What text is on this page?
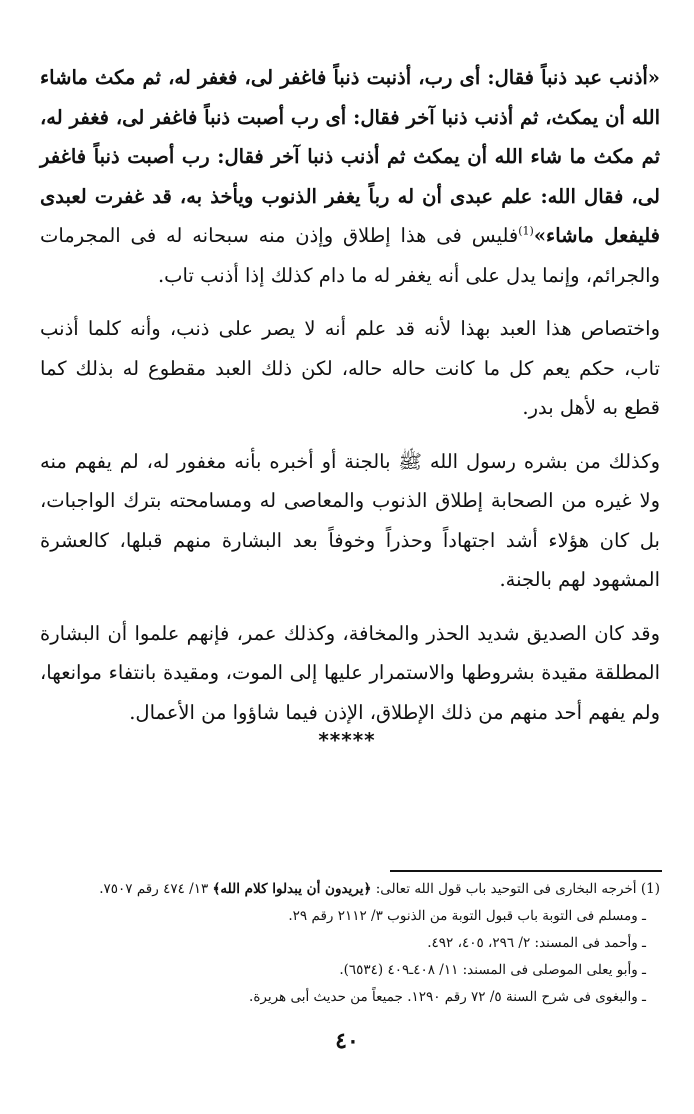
«أذنب عبد ذنباً فقال: أى رب، أذنبت ذنباً فاغفر لى، فغفر له، ثم مكث ماشاء الله أن يمكث، ثم أذنب ذنبا آخر فقال: أى رب أصبت ذنباً فاغفر لى، فغفر له، ثم مكث ما شاء الله أن يمكث ثم أذنب ذنبا آخر فقال: رب أصبت ذنباً فاغفر لى، فقال الله: علم عبدى أن له رباً يغفر الذنوب ويأخذ به، قد غفرت لعبدى فليفعل ماشاء»$^{(1)}$فليس فى هذا إطلاق وإذن منه سبحانه له فى المجرمات والجرائم، وإنما يدل على أنه يغفر له ما دام كذلك إذا أذنب تاب.

واختصاص هذا العبد بهذا لأنه قد علم أنه لا يصر على ذنب، وأنه كلما أذنب تاب، حكم يعم كل ما كانت حاله حاله، لكن ذلك العبد مقطوع له بذلك كما قطع به لأهل بدر.

وكذلك من بشره رسول الله ﷺ بالجنة أو أخبره بأنه مغفور له، لم يفهم منه ولا غيره من الصحابة إطلاق الذنوب والمعاصى له ومسامحته بترك الواجبات، بل كان هؤلاء أشد اجتهاداً وحذراً وخوفاً بعد البشارة منهم قبلها، كالعشرة المشهود لهم بالجنة.

وقد كان الصديق شديد الحذر والمخافة، وكذلك عمر، فإنهم علموا أن البشارة المطلقة مقيدة بشروطها والاستمرار عليها إلى الموت، ومقيدة بانتفاء موانعها، ولم يفهم أحد منهم من ذلك الإطلاق، الإذن فيما شاؤوا من الأعمال.

*****
(1) أخرجه البخارى فى التوحيد باب قول الله تعالى: ﴿يريدون أن يبدلوا كلام الله﴾ ١٣/ ٤٧٤ رقم ٧٥٠٧.
ـ ومسلم فى التوبة باب قبول التوبة من الذنوب ٣/ ٢١١٢ رقم ٢٩.
ـ وأحمد فى المسند: ٢/ ٢٩٦، ٤٠٥، ٤٩٢.
ـ وأبو يعلى الموصلى فى المسند: ١١/ ٤٠٨ـ٤٠٩ (٦٥٣٤).
ـ والبغوى فى شرح السنة ٥/ ٧٢ رقم ١٢٩٠. جميعاً من حديث أبى هريرة.
٤٠
